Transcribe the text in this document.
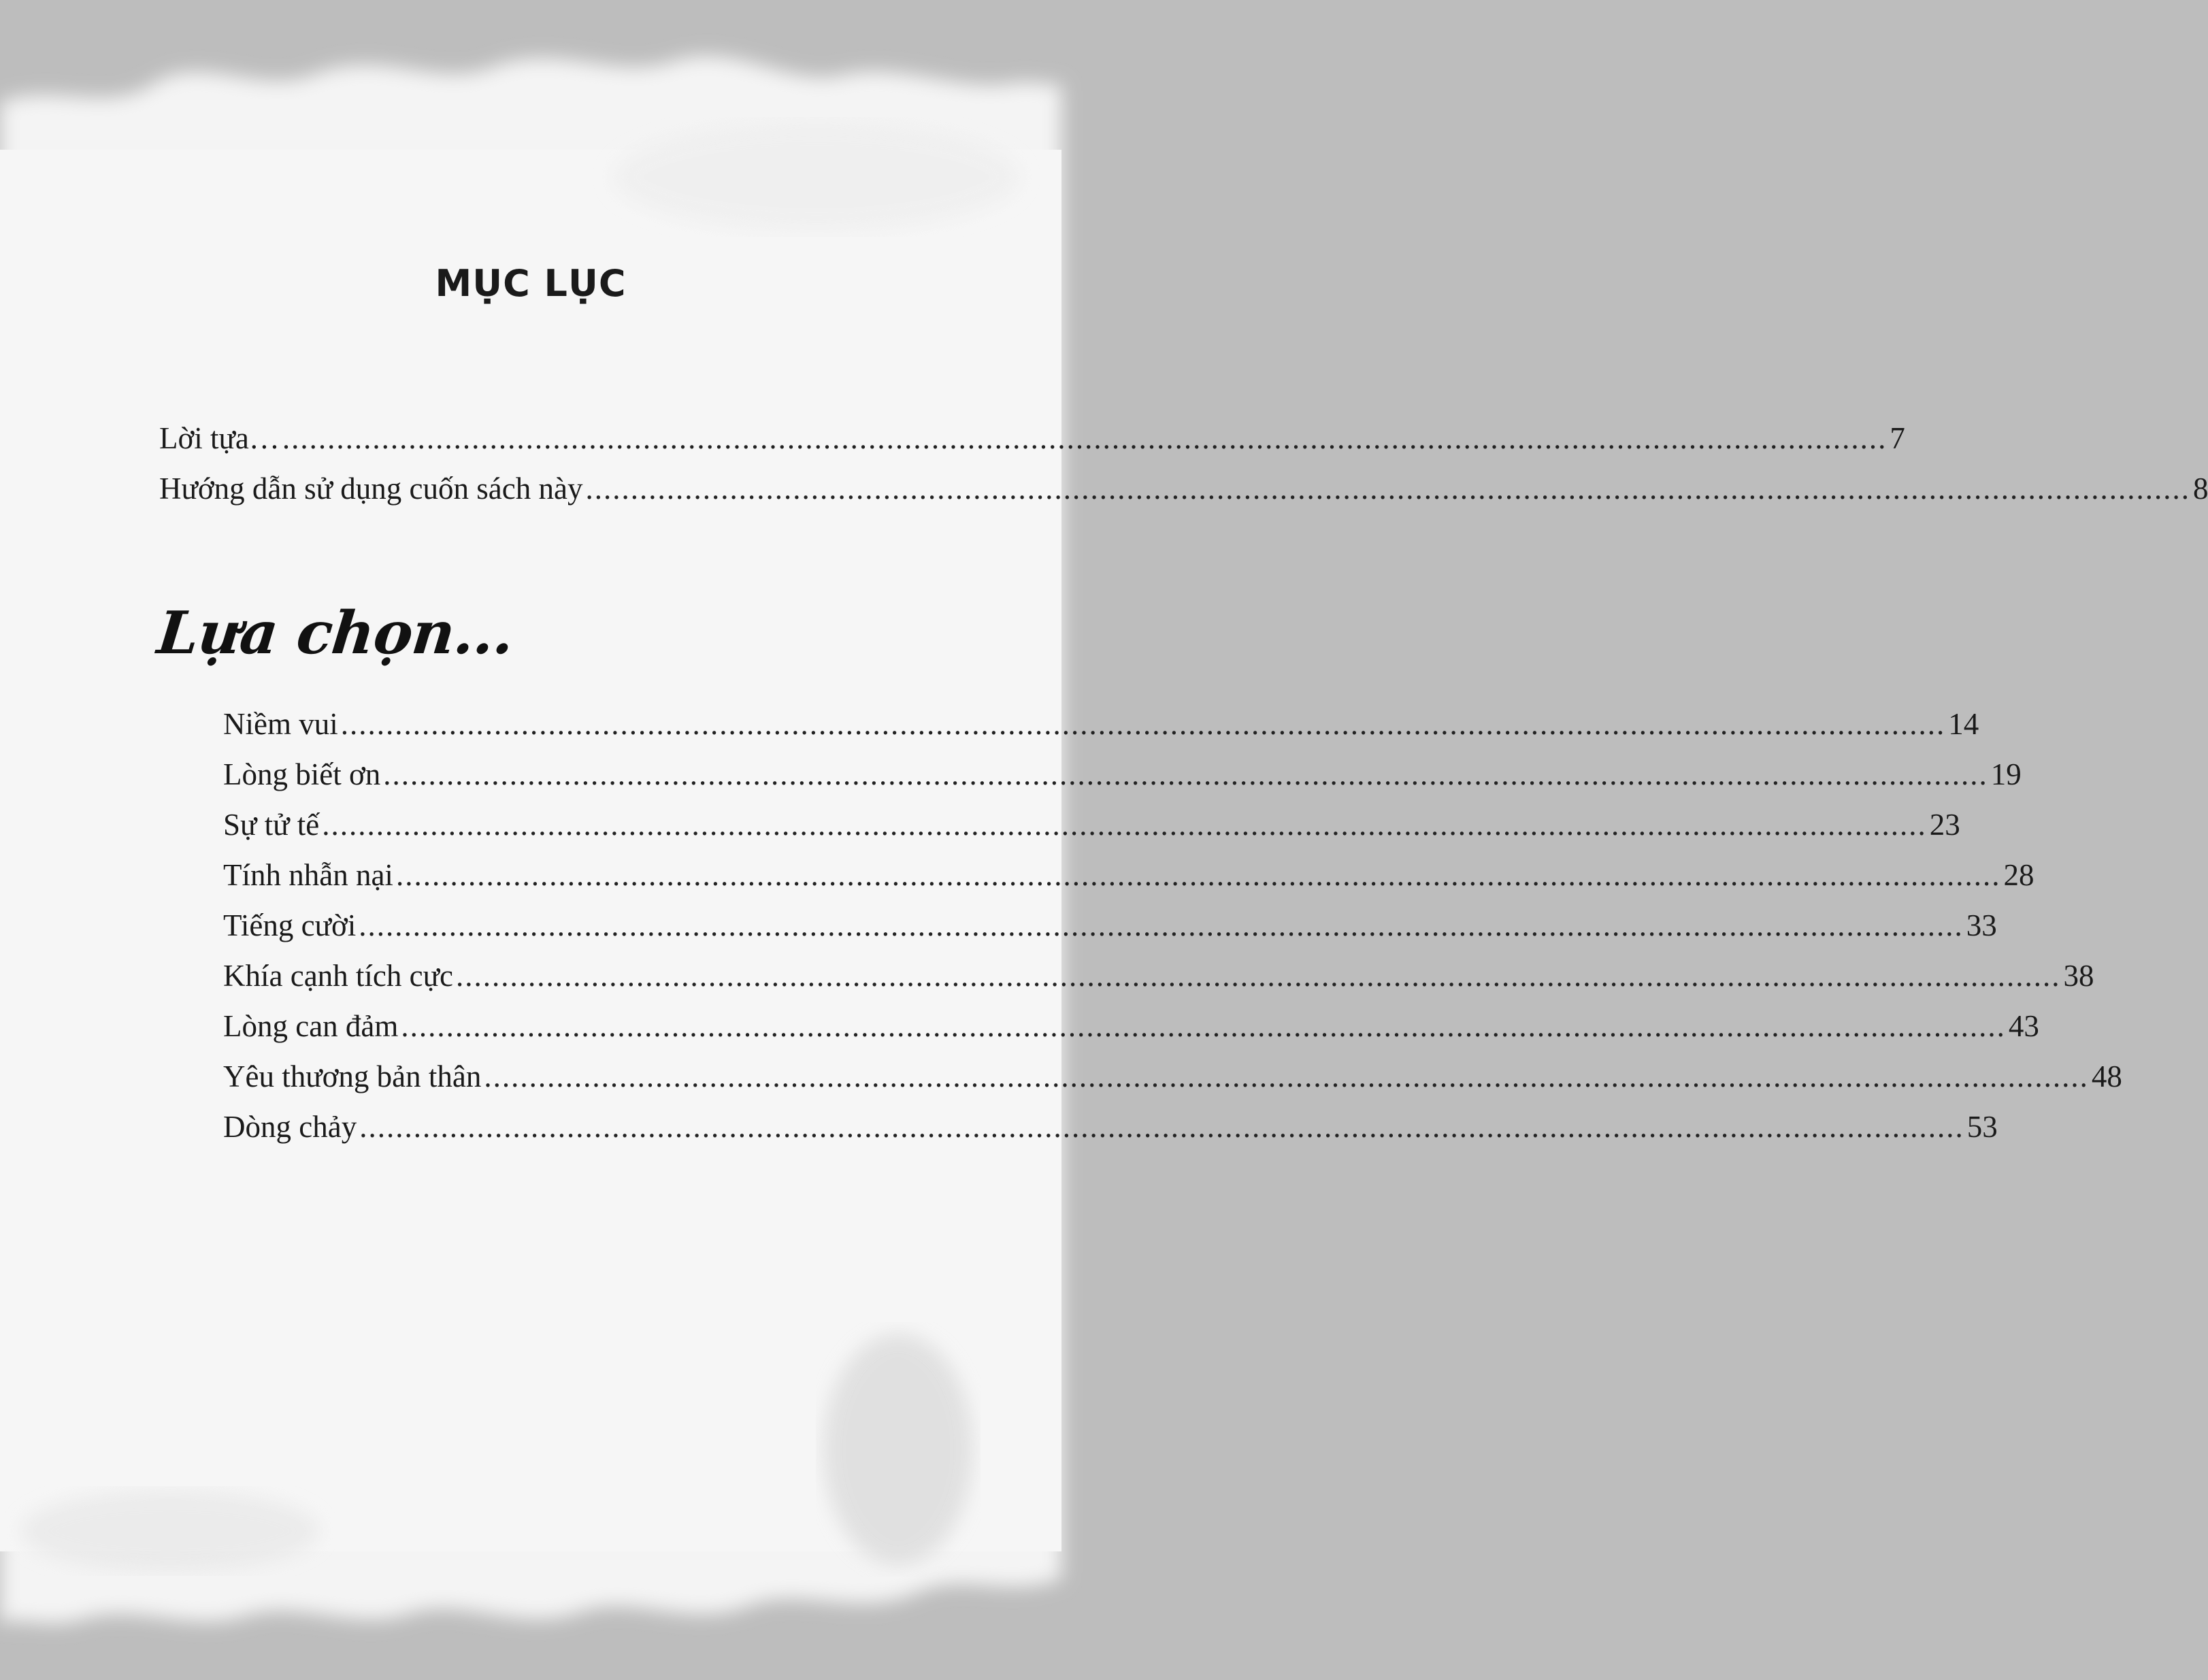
MỤC LỤC
Lời tựa… .................................................................................................................................................................................. 7
Hướng dẫn sử dụng cuốn sách này .................................................................................................................................................................................. 8
Lựa chọn...
Niềm vui .................................................................................................................................................................................. 14
Lòng biết ơn .................................................................................................................................................................................. 19
Sự tử tế .................................................................................................................................................................................. 23
Tính nhẫn nại .................................................................................................................................................................................. 28
Tiếng cười .................................................................................................................................................................................. 33
Khía cạnh tích cực .................................................................................................................................................................................. 38
Lòng can đảm .................................................................................................................................................................................. 43
Yêu thương bản thân .................................................................................................................................................................................. 48
Dòng chảy .................................................................................................................................................................................. 53
